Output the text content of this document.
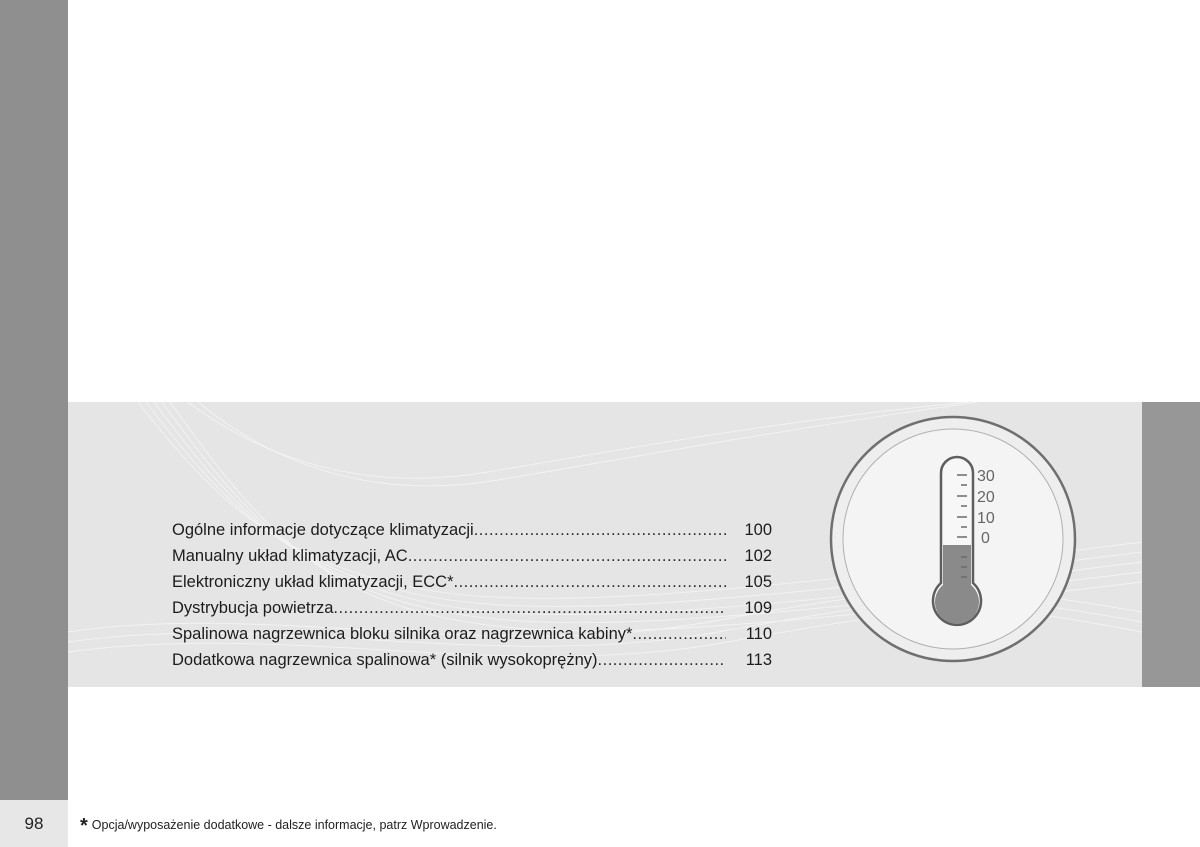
98
Ogólne informacje dotyczące klimatyzacji .....	100
Manualny układ klimatyzacji, AC .....	102
Elektroniczny układ klimatyzacji, ECC* .....	105
Dystrybucja powietrza .....	109
Spalinowa nagrzewnica bloku silnika oraz nagrzewnica kabiny* .....	110
Dodatkowa nagrzewnica spalinowa* (silnik wysokoprężny) .....	113
30
20
10
0
* Opcja/wyposażenie dodatkowe - dalsze informacje, patrz Wprowadzenie.
